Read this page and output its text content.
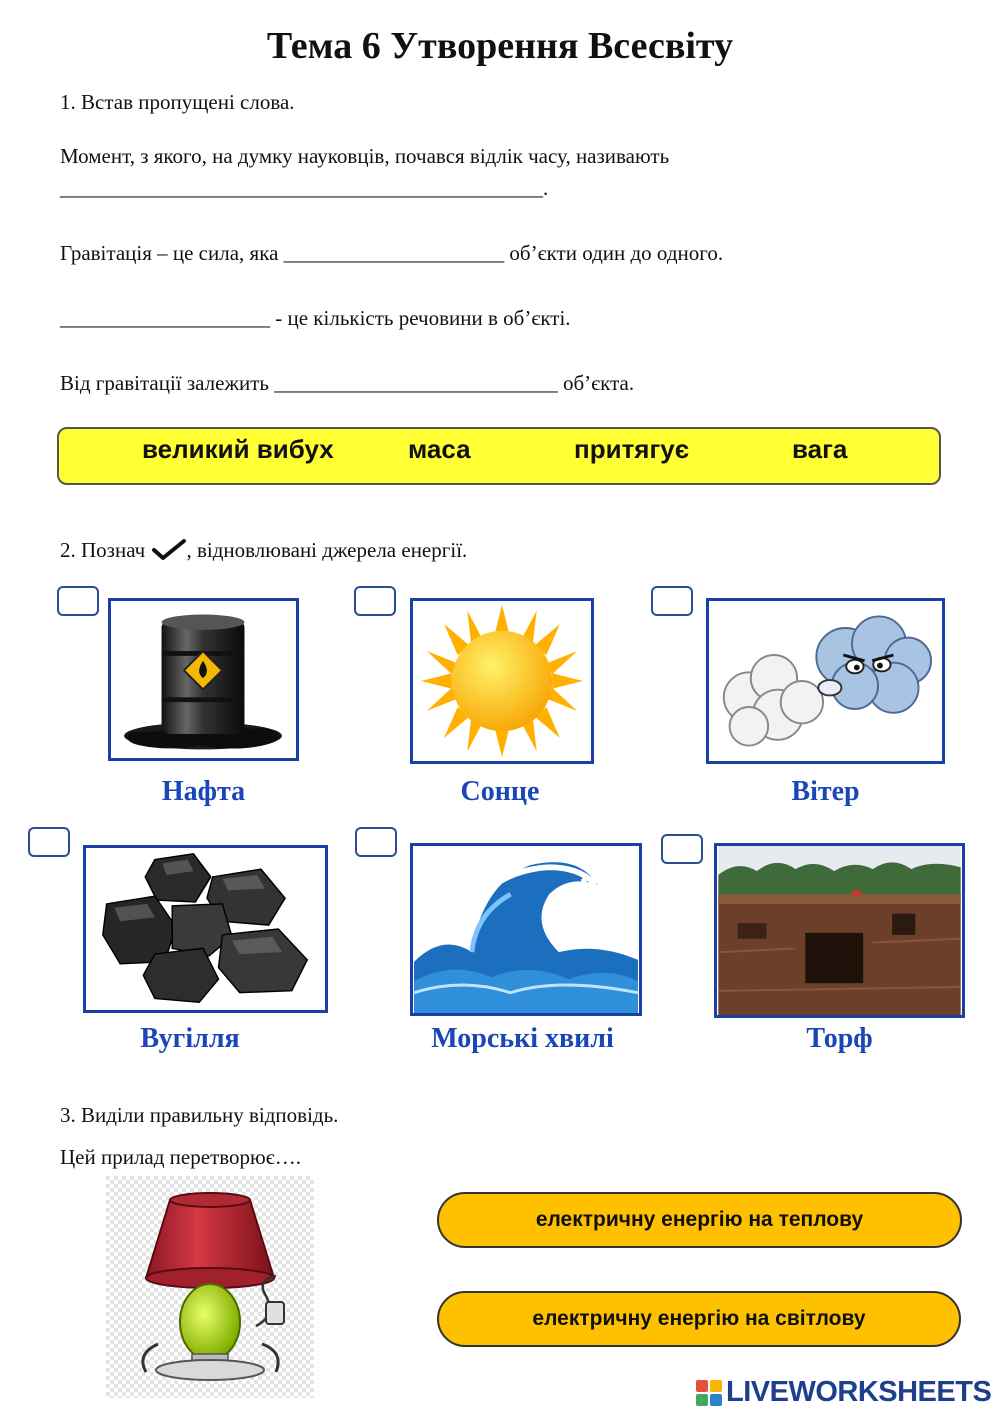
Тема 6 Утворення Всесвіту
1. Встав пропущені слова.
Момент, з якого, на думку науковців, почався відлік часу, називають
______________________________________________.
Гравітація – це сила, яка _____________________ об’єкти один до одного.
____________________ - це кількість речовини в об’єкті.
Від гравітації залежить ___________________________ об’єкта.
великий вибух	маса	притягує	вага
2. Познач , відновлювані джерела енергії.
Нафта	Сонце	Вітер
Вугілля	Морські хвилі	Торф
3. Виділи правильну відповідь.
Цей прилад перетворює….
електричну енергію на теплову
електричну енергію на світлову
LIVEWORKSHEETS
